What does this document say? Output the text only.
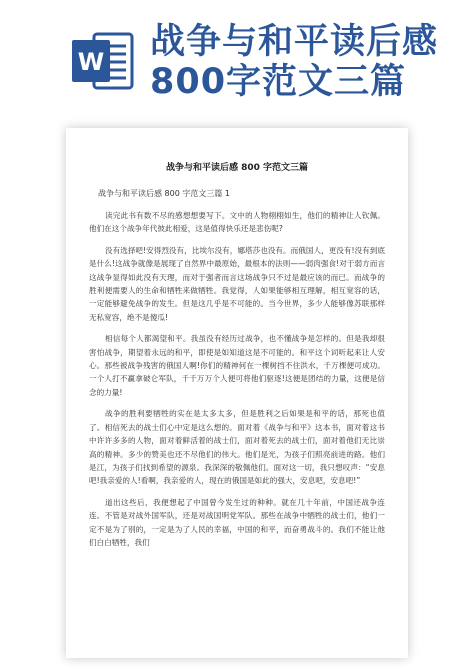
W 战争与和平读后感
800字范文三篇
战争与和平读后感 800 字范文三篇
战争与和平读后感 800 字范文三篇 1

读完此书有数不尽的感想想要写下。文中的人物栩栩如生，他们的精神让人钦佩。他们在这个战争年代彼此相爱，这是值得快乐还是悲伤呢?

没有选择吧!安得烈没有，比埃尔没有，娜塔莎也没有。而俄国人，更没有!没有到底是什么!这战争就像是展现了自然界中最原始，最根本的法则——弱肉强食!对于弱方而言这战争显得如此没有天理，而对于强者而言这场战争只不过是最应该的而已。而战争的胜利便需要人的生命和牺牲来做牺牲。我觉得，人如果能够相互理解，相互宽容的话，一定能够避免战争的发生。但是这几乎是不可能的。当今世界，多少人能够像苏联那样无私宽容，绝不是傻瓜!

相信每个人都渴望和平。我虽没有经历过战争，也不懂战争是怎样的。但是我却很害怕战争，期望着永远的和平，即使是如知道这是不可能的。和平这个词听起来让人安心。那些被战争残害的俄国人啊!你们的精神何在一棵树挡不住洪水，千万棵便可成功。一个人打不赢拿破仑军队，千千万万个人便可将他们驱逐!这便是团结的力量，这便是信念的力量!

战争的胜利要牺牲的实在是太多太多，但是胜利之后如果是和平的话，那死也值了。相信死去的战士们心中定是这么想的。面对着《战争与和平》这本书，面对着这书中许许多多的人物，面对着鲜活着的战士们，面对着死去的战士们，面对着他们无比崇高的精神。多少的赞美也还不尽他们的伟大。他们是光，为孩子们照亮前进的路。他们是江，为孩子们找到希望的源泉。我深深的敬佩他们。面对这一切，我只想叹声：“安息吧!我亲爱的人!看啊，我亲爱的人，现在的俄国是如此的强大，安息吧，安息吧!”

道出这些后，我便想起了中国曾今发生过的种种。就在几十年前，中国还战争连连。不管是对战外国军队，还是对战国明党军队。那些在战争中牺牲的战士们，他们一定不是为了别的，一定是为了人民的幸福，中国的和平，而奋勇战斗的。我们不能让他们白白牺牲，我们
